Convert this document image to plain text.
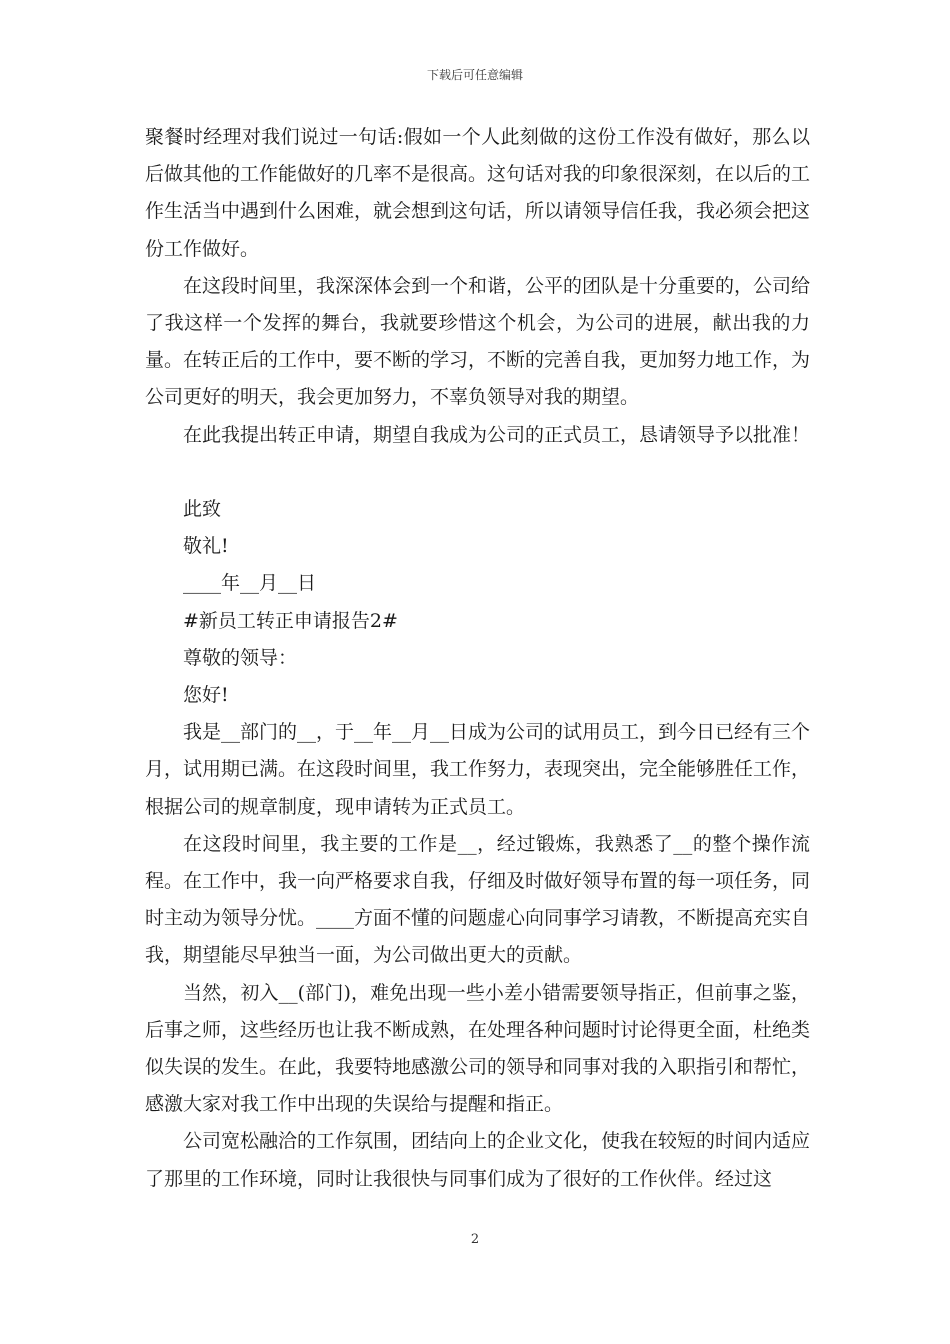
下载后可任意编辑

聚餐时经理对我们说过一句话:假如一个人此刻做的这份工作没有做好，那么以后做其他的工作能做好的几率不是很高。这句话对我的印象很深刻，在以后的工作生活当中遇到什么困难，就会想到这句话，所以请领导信任我，我必须会把这份工作做好。

在这段时间里，我深深体会到一个和谐，公平的团队是十分重要的，公司给了我这样一个发挥的舞台，我就要珍惜这个机会，为公司的进展，献出我的力量。在转正后的工作中，要不断的学习，不断的完善自我，更加努力地工作，为公司更好的明天，我会更加努力，不辜负领导对我的期望。

在此我提出转正申请，期望自我成为公司的正式员工，恳请领导予以批准！

此致

敬礼!

____年__月__日

#新员工转正申请报告2#

尊敬的领导：

您好!

我是__部门的__，于__年__月__日成为公司的试用员工，到今日已经有三个月，试用期已满。在这段时间里，我工作努力，表现突出，完全能够胜任工作，根据公司的规章制度，现申请转为正式员工。

在这段时间里，我主要的工作是__，经过锻炼，我熟悉了__的整个操作流程。在工作中，我一向严格要求自我，仔细及时做好领导布置的每一项任务，同时主动为领导分忧。____方面不懂的问题虚心向同事学习请教，不断提高充实自我，期望能尽早独当一面，为公司做出更大的贡献。

当然，初入__(部门)，难免出现一些小差小错需要领导指正，但前事之鉴，后事之师，这些经历也让我不断成熟，在处理各种问题时讨论得更全面，杜绝类似失误的发生。在此，我要特地感激公司的领导和同事对我的入职指引和帮忙，感激大家对我工作中出现的失误给与提醒和指正。

公司宽松融洽的工作氛围，团结向上的企业文化，使我在较短的时间内适应了那里的工作环境，同时让我很快与同事们成为了很好的工作伙伴。经过这

2
